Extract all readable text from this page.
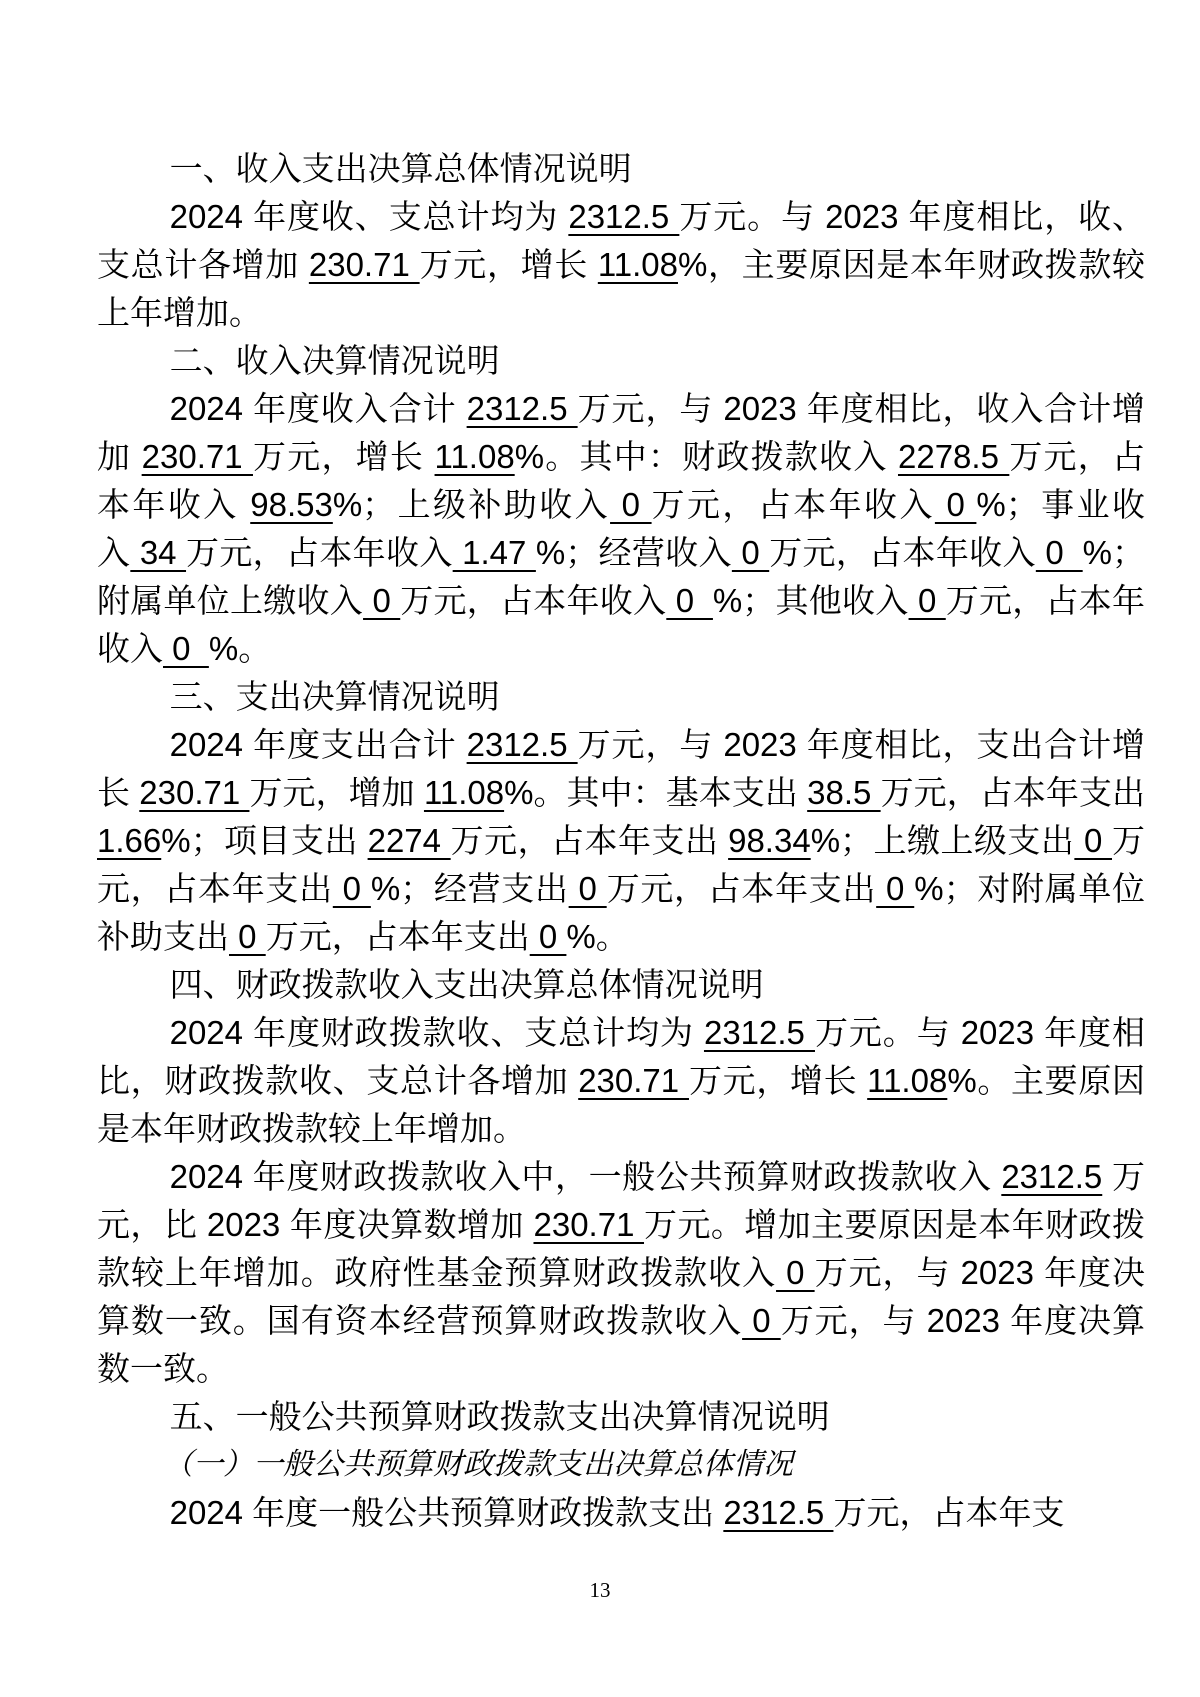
一、收入支出决算总体情况说明

2024 年度收、支总计均为 2312.5 万元。与 2023 年度相比，收、支总计各增加 230.71 万元，增长 11.08%，主要原因是本年财政拨款较上年增加。

二、收入决算情况说明

2024 年度收入合计 2312.5 万元，与 2023 年度相比，收入合计增加 230.71 万元，增长 11.08%。其中：财政拨款收入 2278.5 万元，占本年收入 98.53%；上级补助收入 0 万元，占本年收入 0 %；事业收入 34 万元，占本年收入 1.47 %；经营收入 0 万元，占本年收入 0  %；附属单位上缴收入 0 万元，占本年收入 0  %；其他收入 0 万元，占本年收入 0  %。

三、支出决算情况说明

2024 年度支出合计 2312.5 万元，与 2023 年度相比，支出合计增长 230.71 万元，增加 11.08%。其中：基本支出 38.5 万元，占本年支出 1.66%；项目支出 2274 万元，占本年支出 98.34%；上缴上级支出 0 万元，占本年支出 0 %；经营支出 0 万元，占本年支出 0 %；对附属单位补助支出 0 万元，占本年支出 0 %。

四、财政拨款收入支出决算总体情况说明

2024 年度财政拨款收、支总计均为 2312.5 万元。与 2023 年度相比，财政拨款收、支总计各增加 230.71 万元，增长 11.08%。主要原因是本年财政拨款较上年增加。

2024 年度财政拨款收入中，一般公共预算财政拨款收入 2312.5 万元，比 2023 年度决算数增加 230.71 万元。增加主要原因是本年财政拨款较上年增加。政府性基金预算财政拨款收入 0 万元，与 2023 年度决算数一致。国有资本经营预算财政拨款收入 0 万元，与 2023 年度决算数一致。

五、一般公共预算财政拨款支出决算情况说明

（一）一般公共预算财政拨款支出决算总体情况

2024 年度一般公共预算财政拨款支出 2312.5 万元，占本年支

13
